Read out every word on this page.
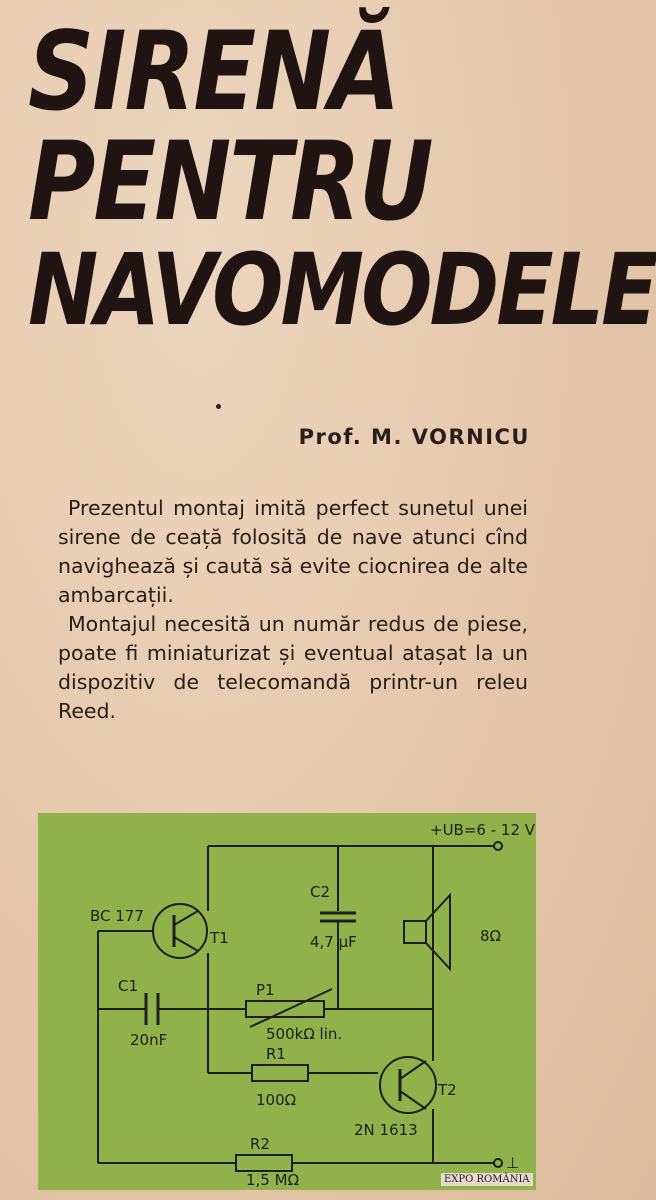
SIRENĂ
PENTRU
NAVOMODELE

Prof. M. VORNICU

Prezentul montaj imită perfect sunetul unei sirene de ceață folosită de nave atunci cînd navighează și caută să evite ciocnirea de alte ambarcații.

Montajul necesită un număr redus de piese, poate fi miniaturizat și eventual atașat la un dispozitiv de telecomandă printr-un releu Reed.

+UB=6 - 12 V
BC 177
T1
C2
4,7 µF	8Ω
C1
20nF
P1
500kΩ lin.
R1
100Ω
T2
2N 1613
R2
1,5 MΩ
⊥
EXPO ROMÂNIA
